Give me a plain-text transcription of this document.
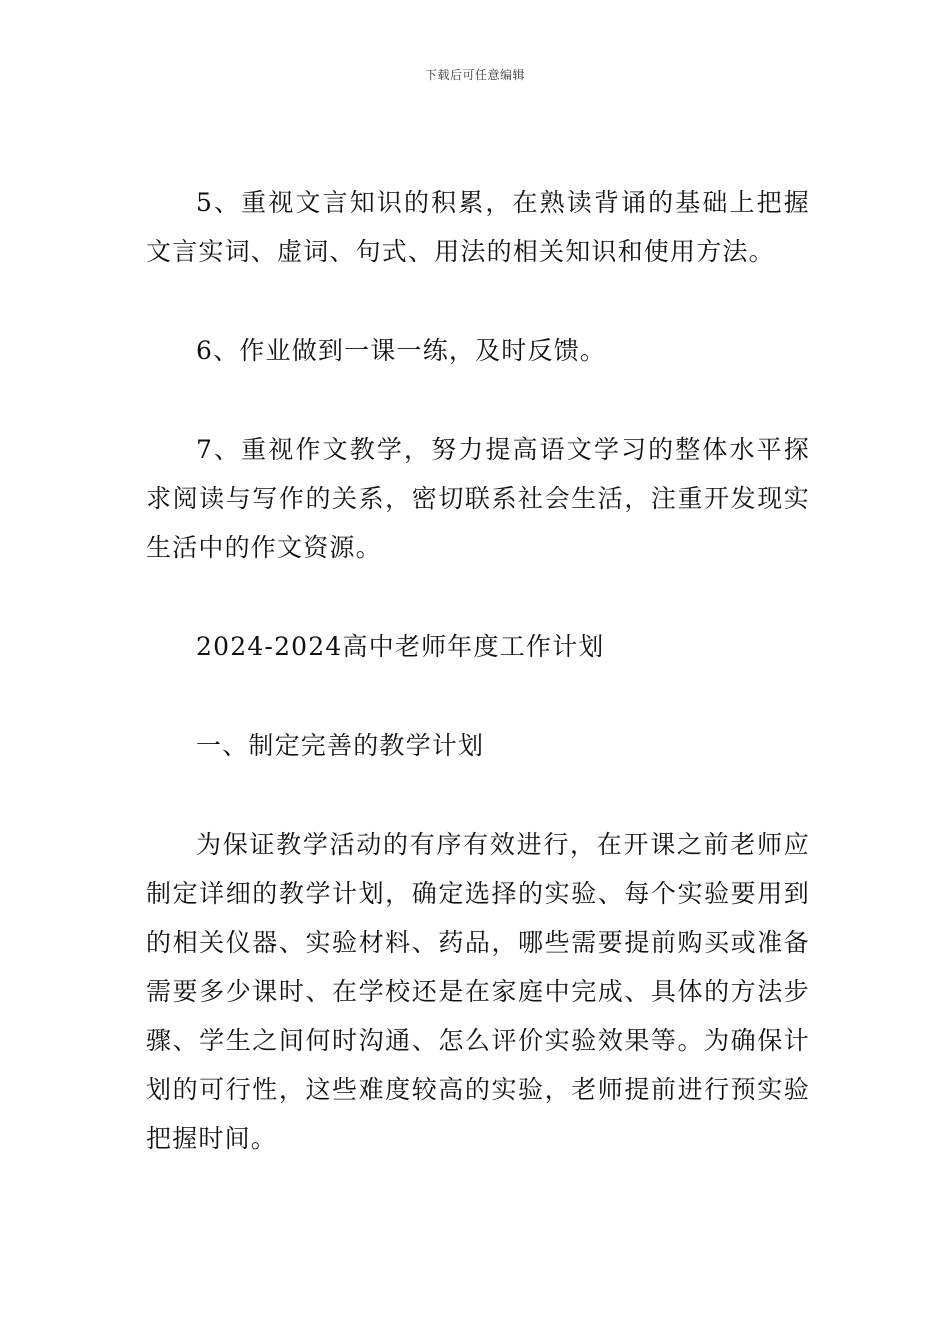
下载后可任意编辑

5、重视文言知识的积累，在熟读背诵的基础上把握文言实词、虚词、句式、用法的相关知识和使用方法。

6、作业做到一课一练，及时反馈。

7、重视作文教学，努力提高语文学习的整体水平探求阅读与写作的关系，密切联系社会生活，注重开发现实生活中的作文资源。

2024-2024高中老师年度工作计划

一、制定完善的教学计划

为保证教学活动的有序有效进行，在开课之前老师应制定详细的教学计划，确定选择的实验、每个实验要用到的相关仪器、实验材料、药品，哪些需要提前购买或准备需要多少课时、在学校还是在家庭中完成、具体的方法步骤、学生之间何时沟通、怎么评价实验效果等。为确保计划的可行性，这些难度较高的实验，老师提前进行预实验把握时间。
